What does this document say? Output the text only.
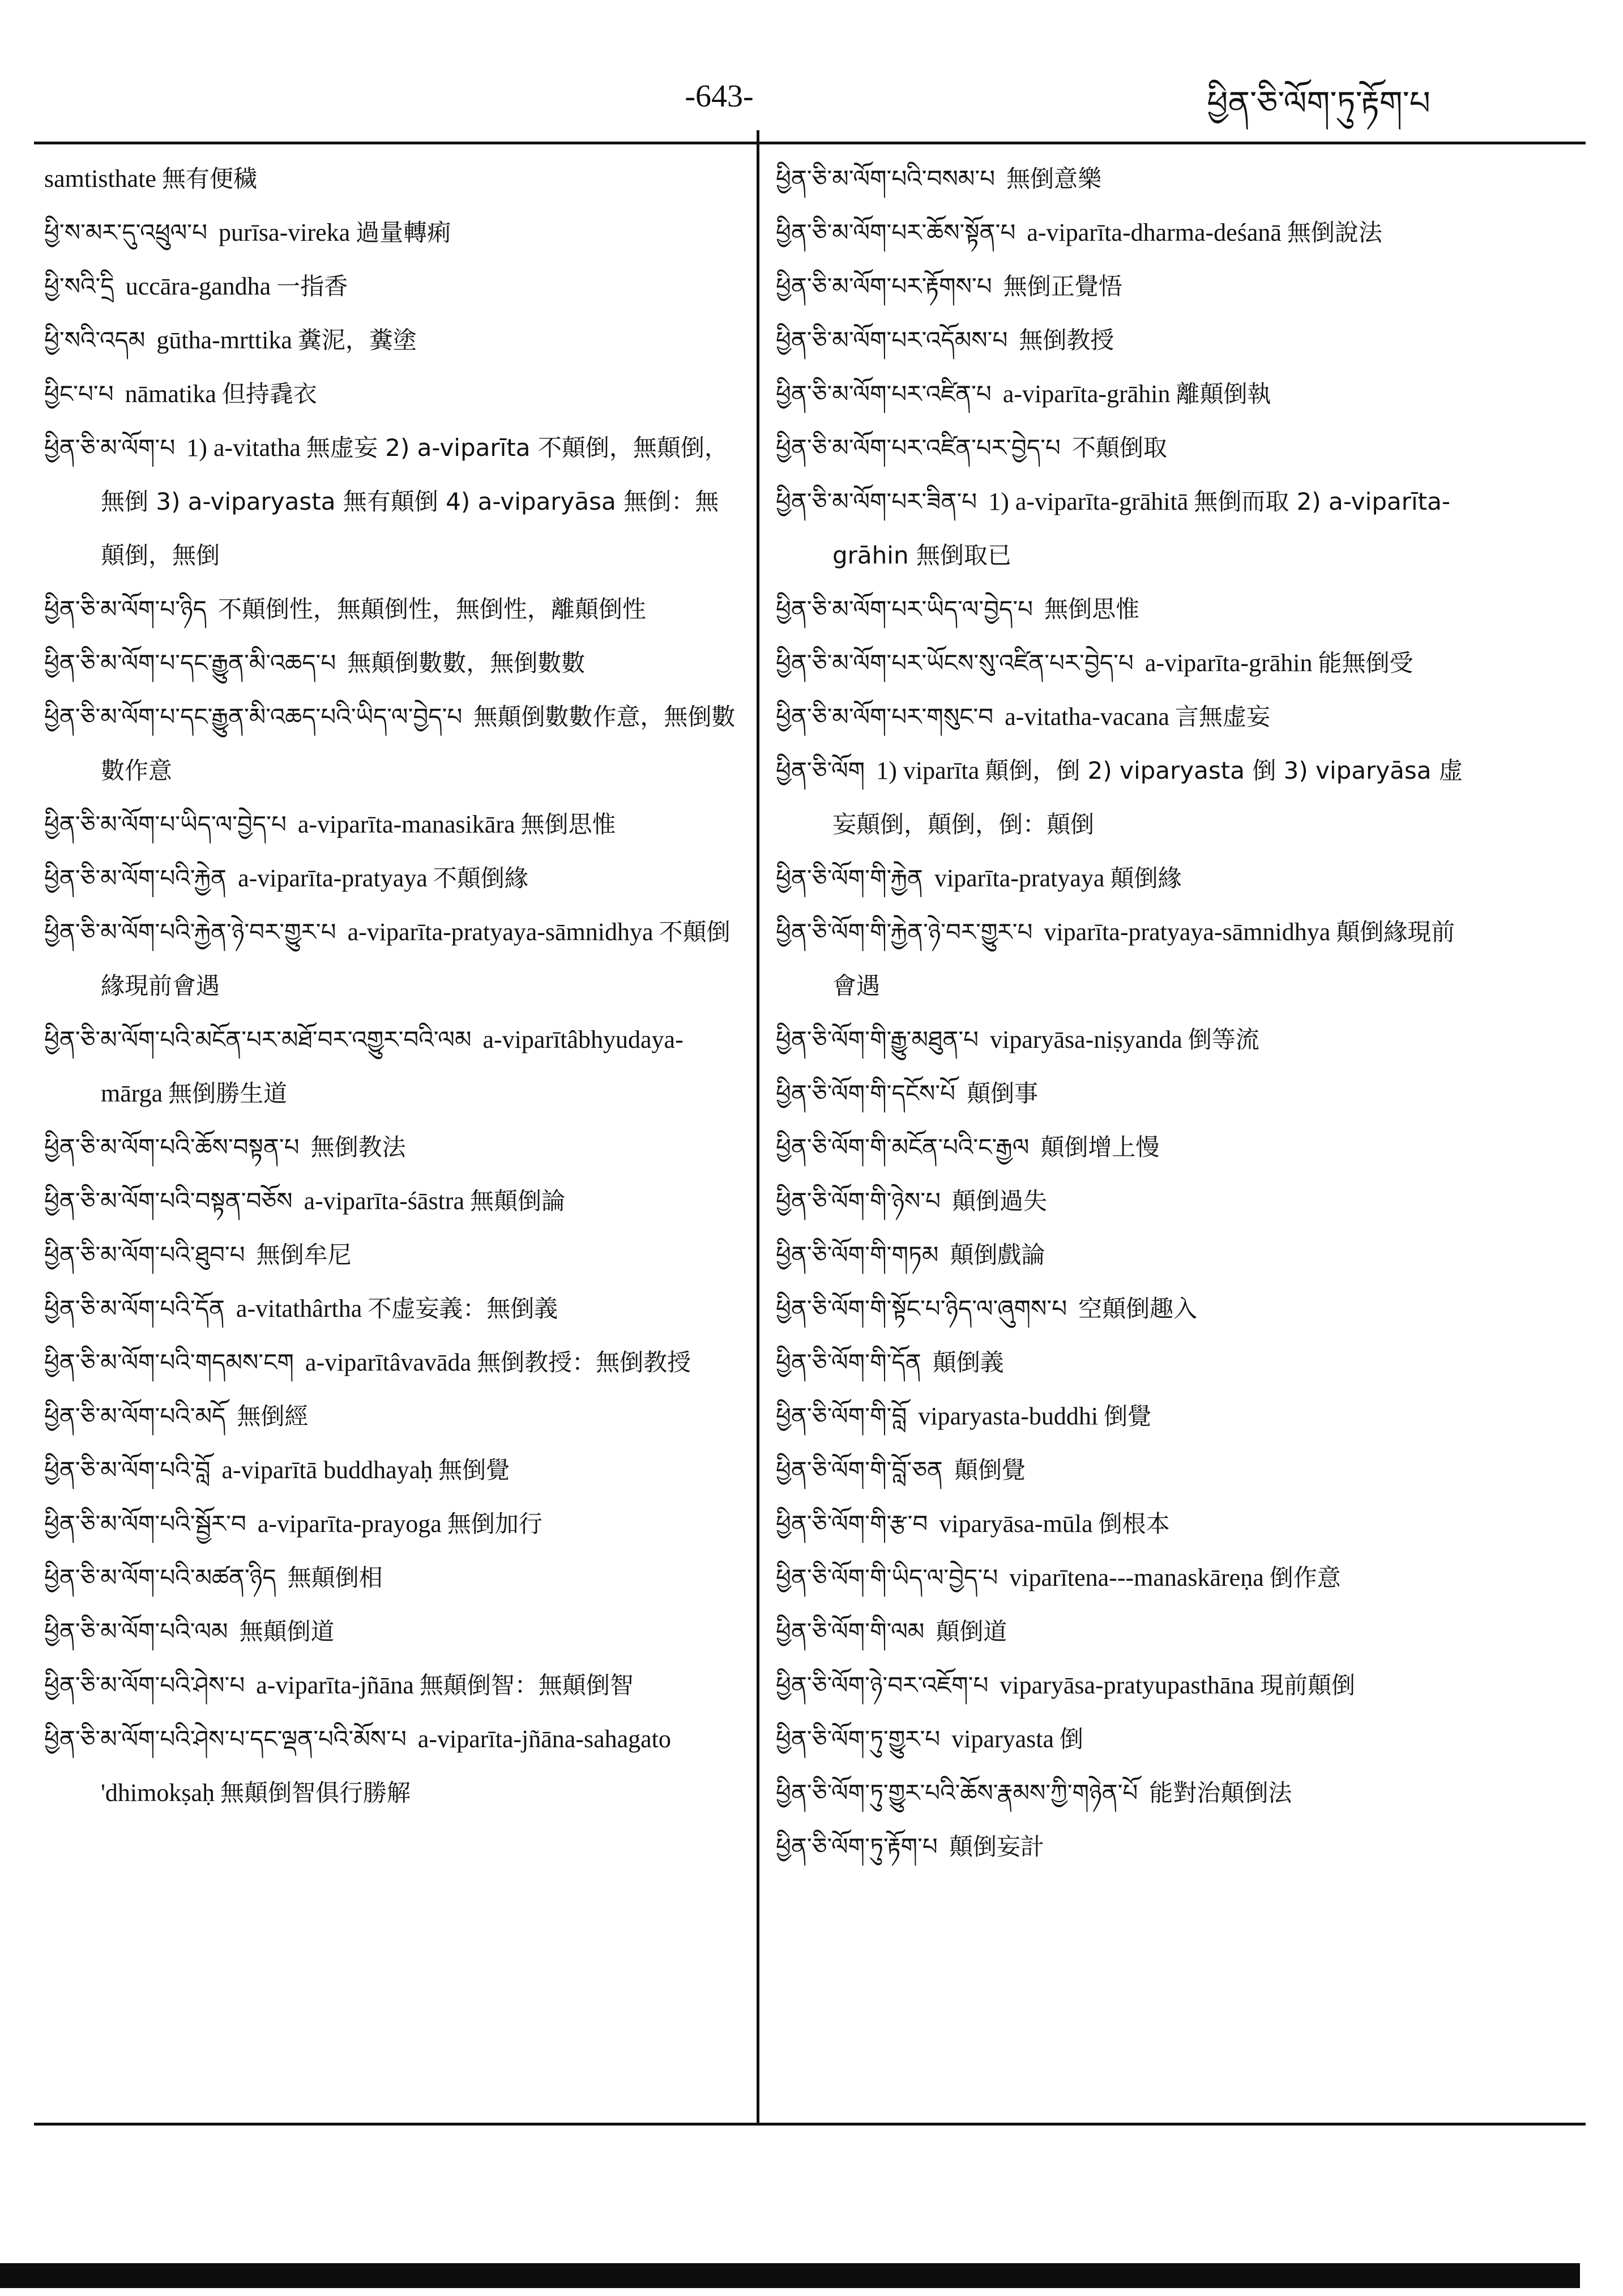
-643-	ཕྱིན་ཅི་ལོག་ཏུ་རྟོག་པ

samtisthate 無有便穢

ཕྱི་ས་མར་དུ་འཕྲུལ་པ purīsa-vireka 過量轉痢

ཕྱི་སའི་དྲི uccāra-gandha 一指香

ཕྱི་སའི་འདམ gūtha-mrttika 糞泥，糞塗

ཕྱིང་པ་པ nāmatika 但持毳衣

ཕྱིན་ཅི་མ་ལོག་པ 1) a-vitatha 無虚妄 2) a-viparīta 不顛倒，無顛倒，無倒 3) a-viparyasta 無有顛倒 4) a-viparyāsa 無倒：無顛倒，無倒

ཕྱིན་ཅི་མ་ལོག་པ་ཉིད 不顛倒性，無顛倒性，無倒性，離顛倒性

ཕྱིན་ཅི་མ་ལོག་པ་དང་རྒྱུན་མི་འཆད་པ 無顛倒數數，無倒數數

ཕྱིན་ཅི་མ་ལོག་པ་དང་རྒྱུན་མི་འཆད་པའི་ཡིད་ལ་བྱེད་པ 無顛倒數數作意，無倒數數作意

ཕྱིན་ཅི་མ་ལོག་པ་ཡིད་ལ་བྱེད་པ a-viparīta-manasikāra 無倒思惟

ཕྱིན་ཅི་མ་ལོག་པའི་རྐྱེན a-viparīta-pratyaya 不顛倒緣

ཕྱིན་ཅི་མ་ལོག་པའི་རྐྱེན་ཉེ་བར་གྱུར་པ a-viparīta-pratyaya-sāmnidhya 不顛倒緣現前會遇

ཕྱིན་ཅི་མ་ལོག་པའི་མངོན་པར་མཐོ་བར་འགྱུར་བའི་ལམ a-viparītâbhyudaya-mārga 無倒勝生道

ཕྱིན་ཅི་མ་ལོག་པའི་ཆོས་བསྟན་པ 無倒教法

ཕྱིན་ཅི་མ་ལོག་པའི་བསྟན་བཅོས a-viparīta-śāstra 無顛倒論

ཕྱིན་ཅི་མ་ལོག་པའི་ཐུབ་པ 無倒牟尼

ཕྱིན་ཅི་མ་ལོག་པའི་དོན a-vitathârtha 不虚妄義：無倒義

ཕྱིན་ཅི་མ་ལོག་པའི་གདམས་ངག a-viparītâvavāda 無倒教授：無倒教授

ཕྱིན་ཅི་མ་ལོག་པའི་མདོ 無倒經

ཕྱིན་ཅི་མ་ལོག་པའི་བློ a-viparītā buddhayaḥ 無倒覺

ཕྱིན་ཅི་མ་ལོག་པའི་སྦྱོར་བ a-viparīta-prayoga 無倒加行

ཕྱིན་ཅི་མ་ལོག་པའི་མཚན་ཉིད 無顛倒相

ཕྱིན་ཅི་མ་ལོག་པའི་ལམ 無顛倒道

ཕྱིན་ཅི་མ་ལོག་པའི་ཤེས་པ a-viparīta-jñāna 無顛倒智：無顛倒智

ཕྱིན་ཅི་མ་ལོག་པའི་ཤེས་པ་དང་ལྡན་པའི་མོས་པ a-viparīta-jñāna-sahagato 'dhimokṣaḥ 無顛倒智俱行勝解

ཕྱིན་ཅི་མ་ལོག་པའི་བསམ་པ 無倒意樂

ཕྱིན་ཅི་མ་ལོག་པར་ཆོས་སྟོན་པ a-viparīta-dharma-deśanā 無倒說法

ཕྱིན་ཅི་མ་ལོག་པར་རྟོགས་པ 無倒正覺悟

ཕྱིན་ཅི་མ་ལོག་པར་འདོམས་པ 無倒教授

ཕྱིན་ཅི་མ་ལོག་པར་འཛིན་པ a-viparīta-grāhin 離顛倒執

ཕྱིན་ཅི་མ་ལོག་པར་འཛིན་པར་བྱེད་པ 不顛倒取

ཕྱིན་ཅི་མ་ལོག་པར་ཟིན་པ 1) a-viparīta-grāhitā 無倒而取 2) a-viparīta-grāhin 無倒取已

ཕྱིན་ཅི་མ་ལོག་པར་ཡིད་ལ་བྱེད་པ 無倒思惟

ཕྱིན་ཅི་མ་ལོག་པར་ཡོངས་སུ་འཛིན་པར་བྱེད་པ a-viparīta-grāhin 能無倒受

ཕྱིན་ཅི་མ་ལོག་པར་གསུང་བ a-vitatha-vacana 言無虚妄

ཕྱིན་ཅི་ལོག 1) viparīta 顛倒，倒 2) viparyasta 倒 3) viparyāsa 虚妄顛倒，顛倒，倒：顛倒

ཕྱིན་ཅི་ལོག་གི་རྐྱེན viparīta-pratyaya 顛倒緣

ཕྱིན་ཅི་ལོག་གི་རྐྱེན་ཉེ་བར་གྱུར་པ viparīta-pratyaya-sāmnidhya 顛倒緣現前會遇

ཕྱིན་ཅི་ལོག་གི་རྒྱུ་མཐུན་པ viparyāsa-niṣyanda 倒等流

ཕྱིན་ཅི་ལོག་གི་དངོས་པོ 顛倒事

ཕྱིན་ཅི་ལོག་གི་མངོན་པའི་ང་རྒྱལ 顛倒增上慢

ཕྱིན་ཅི་ལོག་གི་ཉེས་པ 顛倒過失

ཕྱིན་ཅི་ལོག་གི་གཏམ 顛倒戲論

ཕྱིན་ཅི་ལོག་གི་སྟོང་པ་ཉིད་ལ་ཞུགས་པ 空顛倒趣入

ཕྱིན་ཅི་ལོག་གི་དོན 顛倒義

ཕྱིན་ཅི་ལོག་གི་བློ viparyasta-buddhi 倒覺

ཕྱིན་ཅི་ལོག་གི་བློ་ཅན 顛倒覺

ཕྱིན་ཅི་ལོག་གི་རྩ་བ viparyāsa-mūla 倒根本

ཕྱིན་ཅི་ལོག་གི་ཡིད་ལ་བྱེད་པ viparītena---manaskāreṇa 倒作意

ཕྱིན་ཅི་ལོག་གི་ལམ 顛倒道

ཕྱིན་ཅི་ལོག་ཉེ་བར་འཇོག་པ viparyāsa-pratyupasthāna 現前顛倒

ཕྱིན་ཅི་ལོག་ཏུ་གྱུར་པ viparyasta 倒

ཕྱིན་ཅི་ལོག་ཏུ་གྱུར་པའི་ཆོས་རྣམས་ཀྱི་གཉེན་པོ 能對治顛倒法

ཕྱིན་ཅི་ལོག་ཏུ་རྟོག་པ 顛倒妄計
